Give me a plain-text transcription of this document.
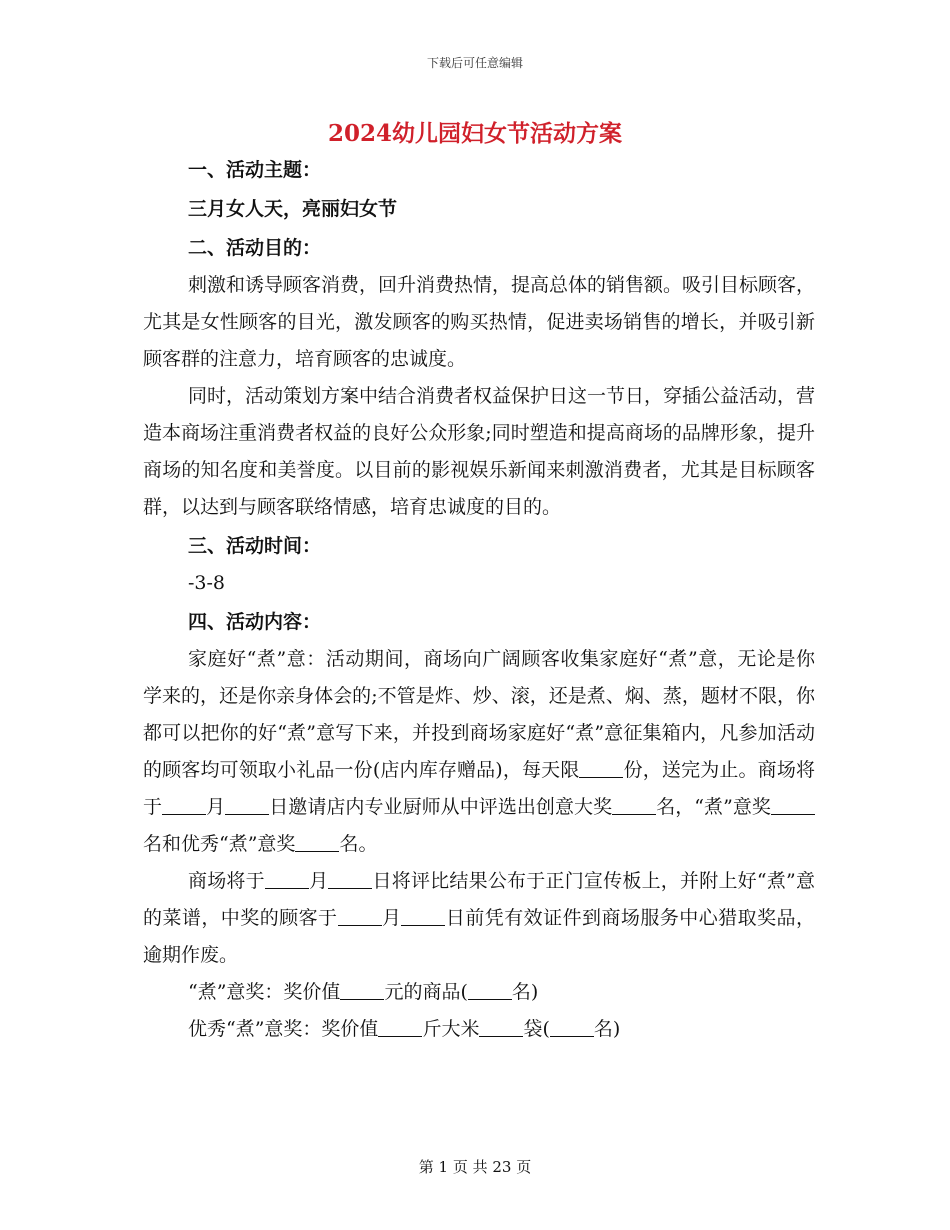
下载后可任意编辑
2024幼儿园妇女节活动方案
一、活动主题：
三月女人天，亮丽妇女节
二、活动目的：
刺激和诱导顾客消费，回升消费热情，提高总体的销售额。吸引目标顾客，尤其是女性顾客的目光，激发顾客的购买热情，促进卖场销售的增长，并吸引新顾客群的注意力，培育顾客的忠诚度。
同时，活动策划方案中结合消费者权益保护日这一节日，穿插公益活动，营造本商场注重消费者权益的良好公众形象;同时塑造和提高商场的品牌形象，提升商场的知名度和美誉度。以目前的影视娱乐新闻来刺激消费者，尤其是目标顾客群，以达到与顾客联络情感，培育忠诚度的目的。
三、活动时间：
-3-8
四、活动内容：
家庭好“煮”意：活动期间，商场向广阔顾客收集家庭好“煮”意，无论是你学来的，还是你亲身体会的;不管是炸、炒、滚，还是煮、焖、蒸，题材不限，你都可以把你的好“煮”意写下来，并投到商场家庭好“煮”意征集箱内，凡参加活动的顾客均可领取小礼品一份(店内库存赠品)，每天限 份，送完为止。商场将于 月 日邀请店内专业厨师从中评选出创意大奖 名，“煮”意奖名和优秀“煮”意奖 名。
商场将于 月 日将评比结果公布于正门宣传板上，并附上好“煮”意的菜谱，中奖的顾客于 月 日前凭有效证件到商场服务中心猎取奖品，逾期作废。
“煮”意奖：奖价值 元的商品( 名)
优秀“煮”意奖：奖价值 斤大米 袋( 名)
第 1 页 共 23 页
